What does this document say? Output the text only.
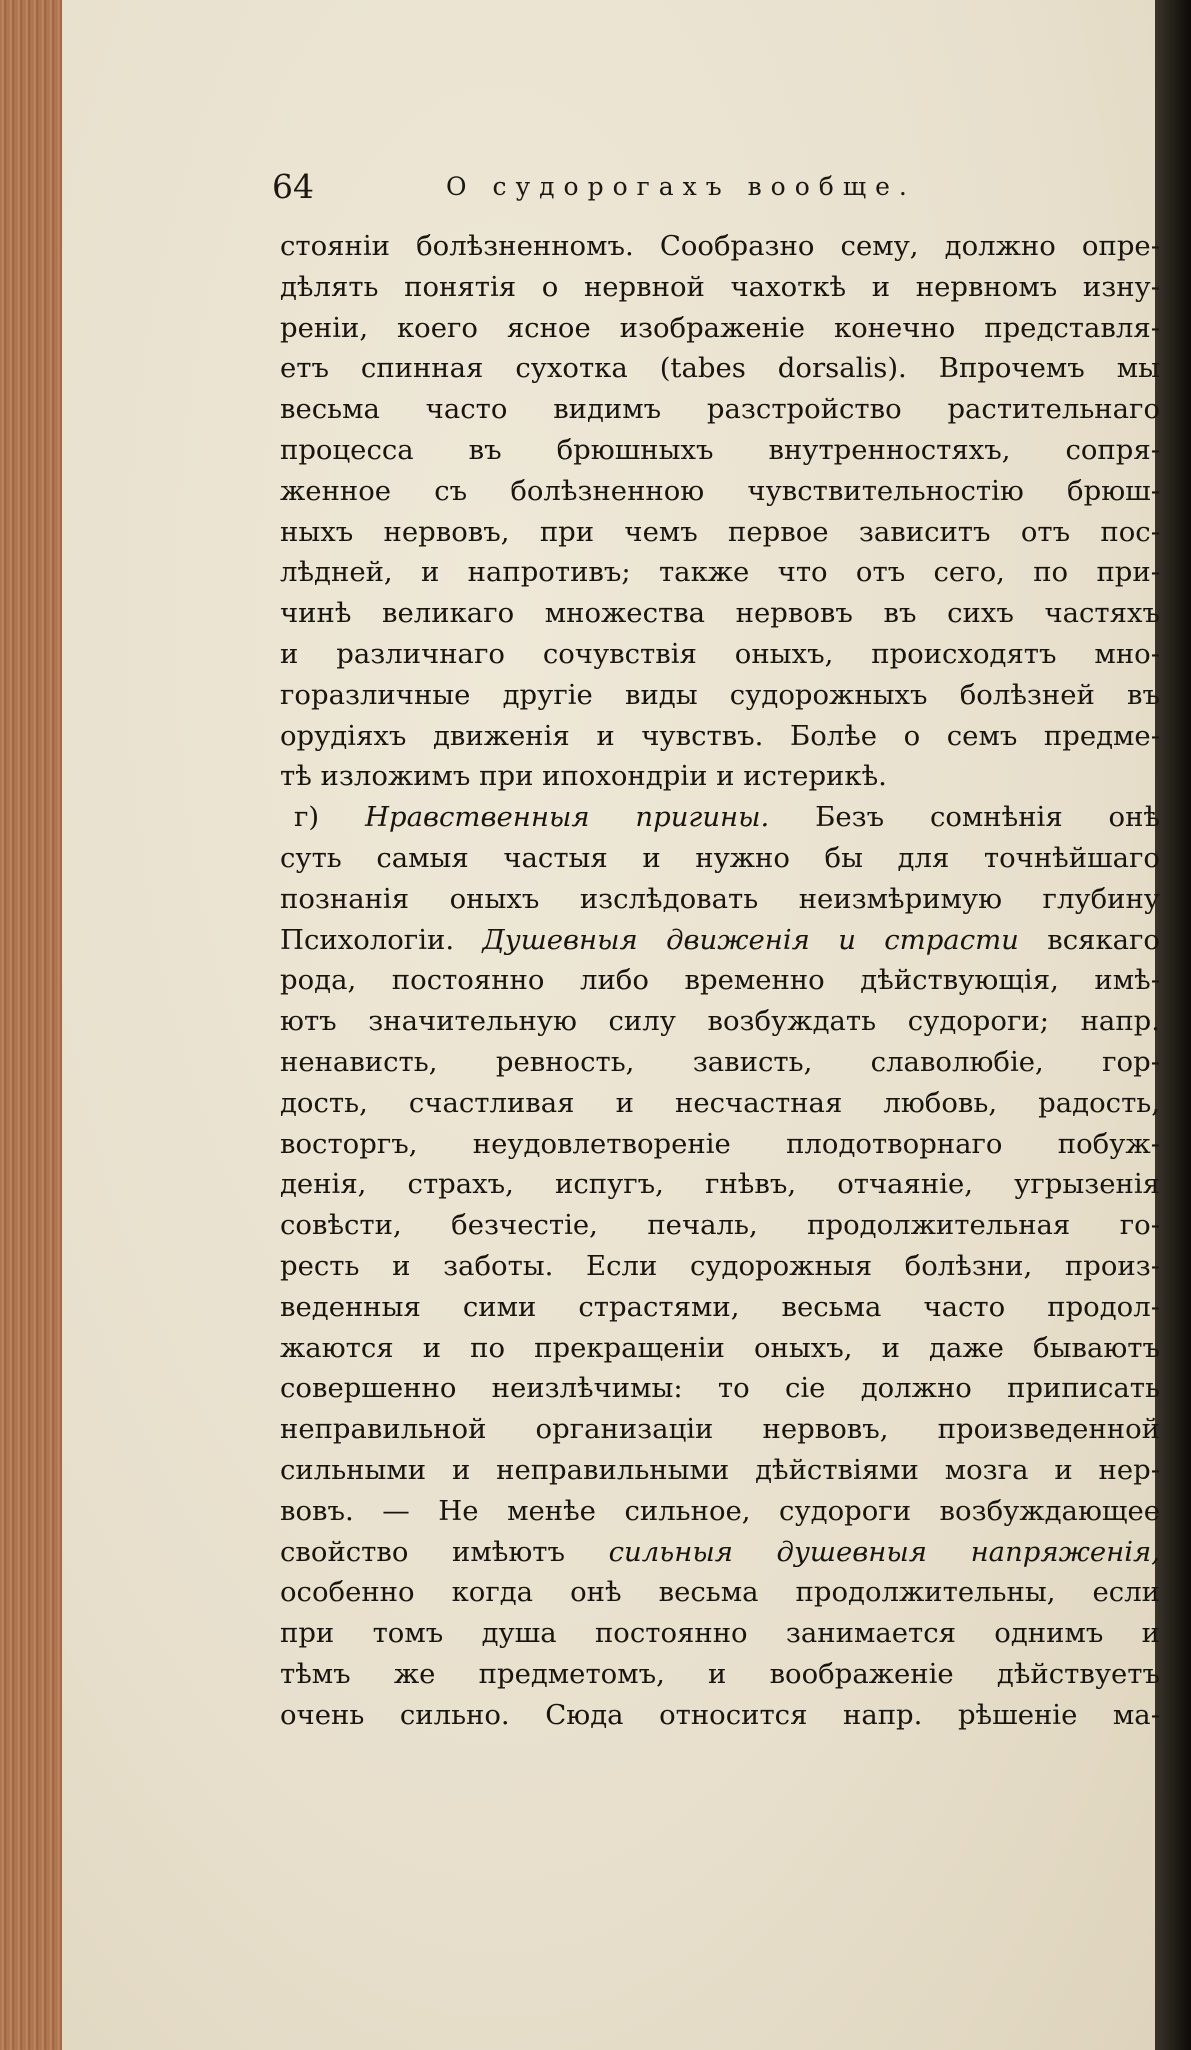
64	О судорогахъ вообще.
стояніи болѣзненномъ. Сообразно сему, должно опре-
дѣлять понятія о нервной чахоткѣ и нервномъ изну-
реніи, коего ясное изображеніе конечно представля-
етъ спинная сухотка (tabes dorsalis). Впрочемъ мы
весьма часто видимъ разстройство растительнаго
процесса въ брюшныхъ внутренностяхъ, сопря-
женное съ болѣзненною чувствительностію брюш-
ныхъ нервовъ, при чемъ первое зависитъ отъ пос-
лѣдней, и напротивъ; также что отъ сего, по при-
чинѣ великаго множества нервовъ въ сихъ частяхъ
и различнаго сочувствія оныхъ, происходятъ мно-
горазличные другіе виды судорожныхъ болѣзней въ
орудіяхъ движенія и чувствъ. Болѣе о семъ предме-
тѣ изложимъ при ипохондріи и истерикѣ.
г) Нравственныя пригины. Безъ сомнѣнія онѣ
суть самыя частыя и нужно бы для точнѣйшаго
познанія оныхъ изслѣдовать неизмѣримую глубину
Психологіи. Душевныя движенія и страсти всякаго
рода, постоянно либо временно дѣйствующія, имѣ-
ютъ значительную силу возбуждать судороги; напр.
ненависть, ревность, зависть, славолюбіе, гор-
дость, счастливая и несчастная любовь, радость,
восторгъ, неудовлетвореніе плодотворнаго побуж-
денія, страхъ, испугъ, гнѣвъ, отчаяніе, угрызенія
совѣсти, безчестіе, печаль, продолжительная го-
ресть и заботы. Если судорожныя болѣзни, произ-
веденныя сими страстями, весьма часто продол-
жаются и по прекращеніи оныхъ, и даже бываютъ
совершенно неизлѣчимы: то сіе должно приписать
неправильной организаціи нервовъ, произведенной
сильными и неправильными дѣйствіями мозга и нер-
вовъ. — Не менѣе сильное, судороги возбуждающее
свойство имѣютъ сильныя душевныя напряженія,
особенно когда онѣ весьма продолжительны, если
при томъ душа постоянно занимается однимъ и
тѣмъ же предметомъ, и воображеніе дѣйствуетъ
очень сильно. Сюда относится напр. рѣшеніе ма-
